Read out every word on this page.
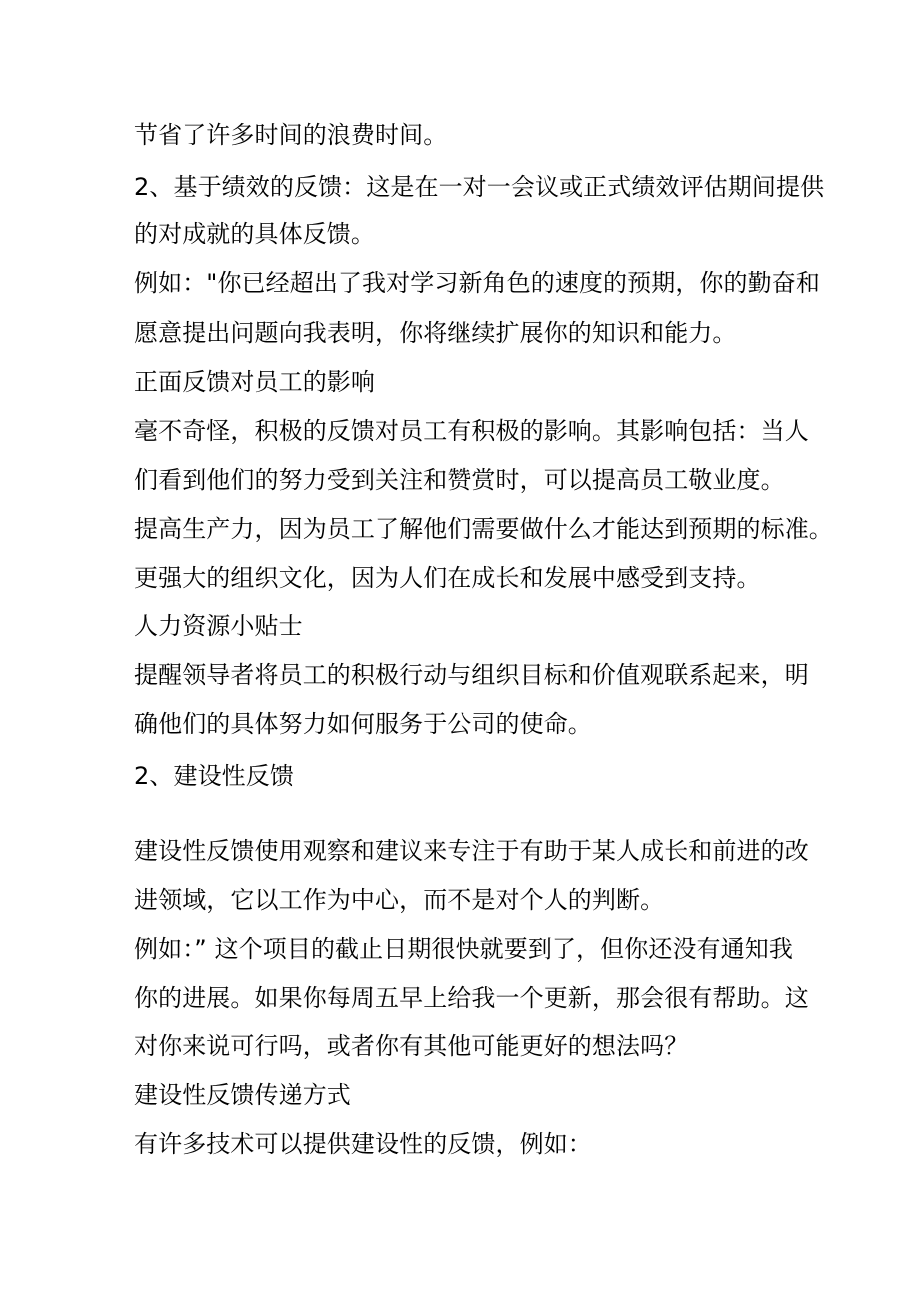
节省了许多时间的浪费时间。
2、基于绩效的反馈：这是在一对一会议或正式绩效评估期间提供
的对成就的具体反馈。
例如："你已经超出了我对学习新角色的速度的预期，你的勤奋和
愿意提出问题向我表明，你将继续扩展你的知识和能力。
正面反馈对员工的影响
毫不奇怪，积极的反馈对员工有积极的影响。其影响包括：当人
们看到他们的努力受到关注和赞赏时，可以提高员工敬业度。
提高生产力，因为员工了解他们需要做什么才能达到预期的标准。
更强大的组织文化，因为人们在成长和发展中感受到支持。
人力资源小贴士
提醒领导者将员工的积极行动与组织目标和价值观联系起来，明
确他们的具体努力如何服务于公司的使命。
2、建设性反馈
建设性反馈使用观察和建议来专注于有助于某人成长和前进的改
进领域，它以工作为中心，而不是对个人的判断。
例如：” 这个项目的截止日期很快就要到了，但你还没有通知我
你的进展。如果你每周五早上给我一个更新，那会很有帮助。这
对你来说可行吗，或者你有其他可能更好的想法吗？
建设性反馈传递方式
有许多技术可以提供建设性的反馈，例如：
